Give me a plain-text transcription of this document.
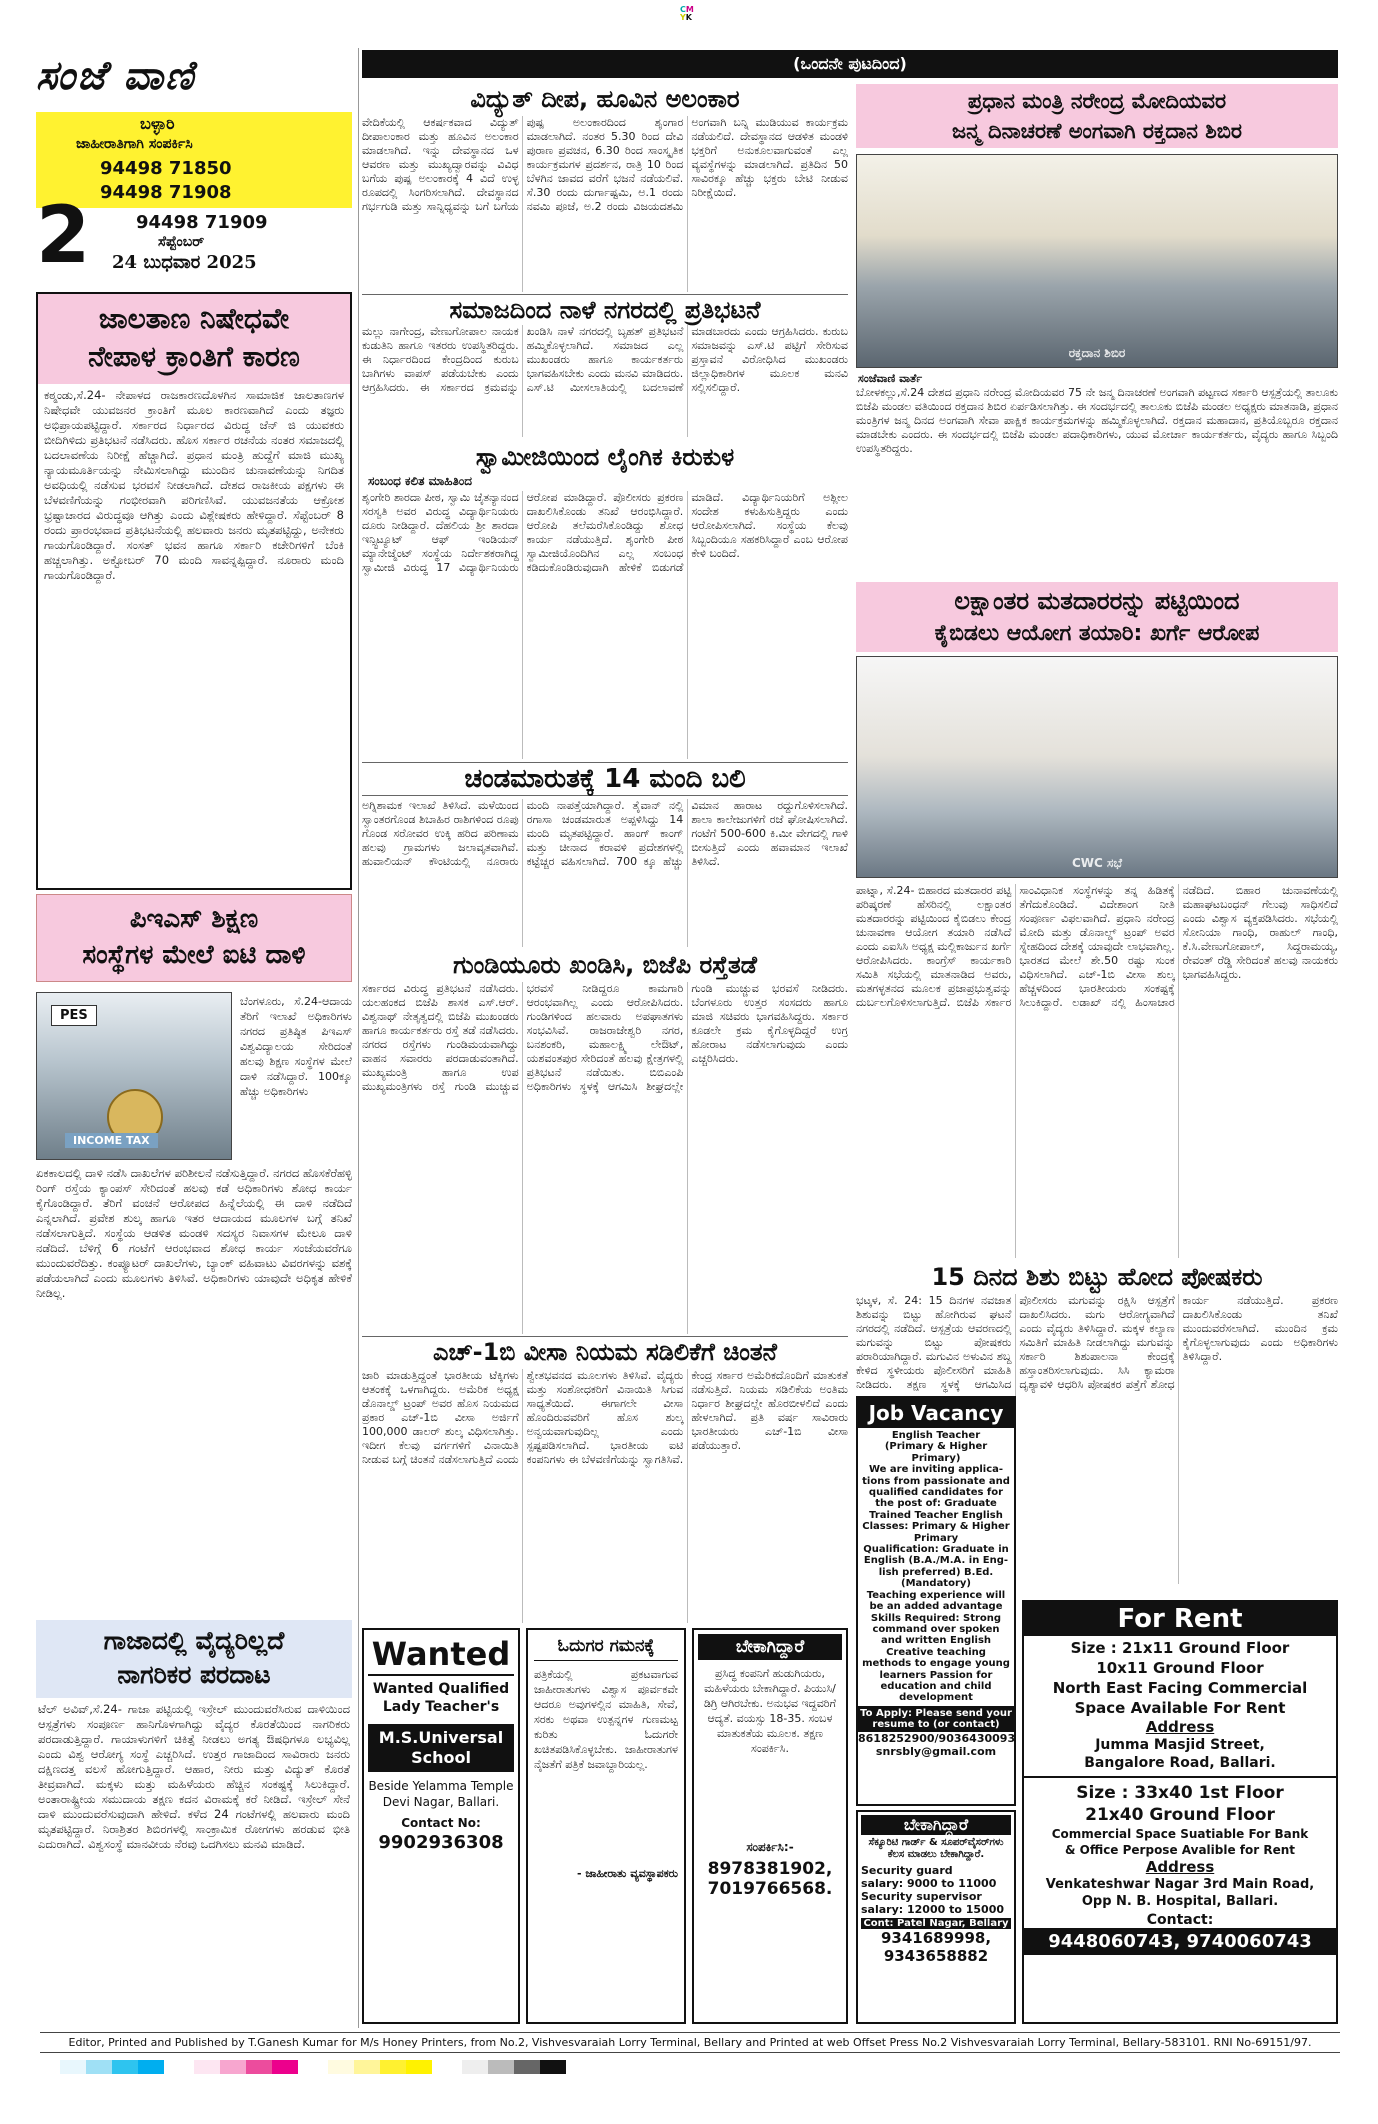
CM
YK
ಸಂಜೆ ವಾಣಿ
ಬಳ್ಳಾರಿ
ಜಾಹೀರಾತಿಗಾಗಿ ಸಂಪರ್ಕಿಸಿ
94498 71850
94498 71908
2	94498 71909
ಸೆಪ್ಟೆಂಬರ್
24 ಬುಧವಾರ 2025
ಜಾಲತಾಣ ನಿಷೇಧವೇ
ನೇಪಾಳ ಕ್ರಾಂತಿಗೆ ಕಾರಣ
ಕಠ್ಮಂಡು,ಸೆ.24- ನೇಪಾಳದ ರಾಜಕಾರಣದೊಳಗಿನ ಸಾಮಾಜಿಕ ಜಾಲತಾಣಗಳ ನಿಷೇಧವೇ ಯುವಜನರ ಕ್ರಾಂತಿಗೆ ಮೂಲ ಕಾರಣವಾಗಿದೆ ಎಂದು ತಜ್ಞರು ಅಭಿಪ್ರಾಯಪಟ್ಟಿದ್ದಾರೆ. ಸರ್ಕಾರದ ನಿರ್ಧಾರದ ವಿರುದ್ಧ ಜೆನ್ ಜಿ ಯುವಕರು ಬೀದಿಗಿಳಿದು ಪ್ರತಿಭಟನೆ ನಡೆಸಿದರು. ಹೊಸ ಸರ್ಕಾರ ರಚನೆಯ ನಂತರ ಸಮಾಜದಲ್ಲಿ ಬದಲಾವಣೆಯ ನಿರೀಕ್ಷೆ ಹೆಚ್ಚಾಗಿದೆ. ಪ್ರಧಾನ ಮಂತ್ರಿ ಹುದ್ದೆಗೆ ಮಾಜಿ ಮುಖ್ಯ ನ್ಯಾಯಮೂರ್ತಿಯನ್ನು ನೇಮಿಸಲಾಗಿದ್ದು ಮುಂದಿನ ಚುನಾವಣೆಯನ್ನು ನಿಗದಿತ ಅವಧಿಯಲ್ಲಿ ನಡೆಸುವ ಭರವಸೆ ನೀಡಲಾಗಿದೆ. ದೇಶದ ರಾಜಕೀಯ ಪಕ್ಷಗಳು ಈ ಬೆಳವಣಿಗೆಯನ್ನು ಗಂಭೀರವಾಗಿ ಪರಿಗಣಿಸಿವೆ. ಯುವಜನತೆಯ ಆಕ್ರೋಶ ಭ್ರಷ್ಟಾಚಾರದ ವಿರುದ್ಧವೂ ಆಗಿತ್ತು ಎಂದು ವಿಶ್ಲೇಷಕರು ಹೇಳಿದ್ದಾರೆ. ಸೆಪ್ಟೆಂಬರ್ 8 ರಂದು ಪ್ರಾರಂಭವಾದ ಪ್ರತಿಭಟನೆಯಲ್ಲಿ ಹಲವಾರು ಜನರು ಮೃತಪಟ್ಟಿದ್ದು, ಅನೇಕರು ಗಾಯಗೊಂಡಿದ್ದಾರೆ. ಸಂಸತ್ ಭವನ ಹಾಗೂ ಸರ್ಕಾರಿ ಕಚೇರಿಗಳಿಗೆ ಬೆಂಕಿ ಹಚ್ಚಲಾಗಿತ್ತು. ಅಕ್ಟೋಬರ್ 70 ಮಂದಿ ಸಾವನ್ನಪ್ಪಿದ್ದಾರೆ. ನೂರಾರು ಮಂದಿ ಗಾಯಗೊಂಡಿದ್ದಾರೆ.
ಪಿಇಎಸ್ ಶಿಕ್ಷಣ
ಸಂಸ್ಥೆಗಳ ಮೇಲೆ ಐಟಿ ದಾಳಿ
PES
INCOME TAX
ಬೆಂಗಳೂರು, ಸೆ.24-ಆದಾಯ ತೆರಿಗೆ ಇಲಾಖೆ ಅಧಿಕಾರಿಗಳು ನಗರದ ಪ್ರತಿಷ್ಠಿತ ಪಿಇಎಸ್ ವಿಶ್ವವಿದ್ಯಾಲಯ ಸೇರಿದಂತೆ ಹಲವು ಶಿಕ್ಷಣ ಸಂಸ್ಥೆಗಳ ಮೇಲೆ ದಾಳಿ ನಡೆಸಿದ್ದಾರೆ. 100ಕ್ಕೂ ಹೆಚ್ಚು ಅಧಿಕಾರಿಗಳು
ಏಕಕಾಲದಲ್ಲಿ ದಾಳಿ ನಡೆಸಿ ದಾಖಲೆಗಳ ಪರಿಶೀಲನೆ ನಡೆಸುತ್ತಿದ್ದಾರೆ. ನಗರದ ಹೊಸಕೆರೆಹಳ್ಳಿ ರಿಂಗ್ ರಸ್ತೆಯ ಕ್ಯಾಂಪಸ್ ಸೇರಿದಂತೆ ಹಲವು ಕಡೆ ಅಧಿಕಾರಿಗಳು ಶೋಧ ಕಾರ್ಯ ಕೈಗೊಂಡಿದ್ದಾರೆ. ತೆರಿಗೆ ವಂಚನೆ ಆರೋಪದ ಹಿನ್ನೆಲೆಯಲ್ಲಿ ಈ ದಾಳಿ ನಡೆದಿದೆ ಎನ್ನಲಾಗಿದೆ. ಪ್ರವೇಶ ಶುಲ್ಕ ಹಾಗೂ ಇತರ ಆದಾಯದ ಮೂಲಗಳ ಬಗ್ಗೆ ತನಿಖೆ ನಡೆಸಲಾಗುತ್ತಿದೆ. ಸಂಸ್ಥೆಯ ಆಡಳಿತ ಮಂಡಳಿ ಸದಸ್ಯರ ನಿವಾಸಗಳ ಮೇಲೂ ದಾಳಿ ನಡೆದಿದೆ. ಬೆಳಿಗ್ಗೆ 6 ಗಂಟೆಗೆ ಆರಂಭವಾದ ಶೋಧ ಕಾರ್ಯ ಸಂಜೆಯವರೆಗೂ ಮುಂದುವರೆದಿತ್ತು. ಕಂಪ್ಯೂಟರ್ ದಾಖಲೆಗಳು, ಬ್ಯಾಂಕ್ ವಹಿವಾಟು ವಿವರಗಳನ್ನು ವಶಕ್ಕೆ ಪಡೆಯಲಾಗಿದೆ ಎಂದು ಮೂಲಗಳು ತಿಳಿಸಿವೆ. ಅಧಿಕಾರಿಗಳು ಯಾವುದೇ ಅಧಿಕೃತ ಹೇಳಿಕೆ ನೀಡಿಲ್ಲ.
ಗಾಜಾದಲ್ಲಿ ವೈದ್ಯರಿಲ್ಲದೆ
ನಾಗರಿಕರ ಪರದಾಟ
ಟೆಲ್ ಅವಿವ್,ಸೆ.24- ಗಾಜಾ ಪಟ್ಟಿಯಲ್ಲಿ ಇಸ್ರೇಲ್ ಮುಂದುವರೆಸಿರುವ ದಾಳಿಯಿಂದ ಆಸ್ಪತ್ರೆಗಳು ಸಂಪೂರ್ಣ ಹಾನಿಗೊಳಗಾಗಿದ್ದು ವೈದ್ಯರ ಕೊರತೆಯಿಂದ ನಾಗರಿಕರು ಪರದಾಡುತ್ತಿದ್ದಾರೆ. ಗಾಯಾಳುಗಳಿಗೆ ಚಿಕಿತ್ಸೆ ನೀಡಲು ಅಗತ್ಯ ಔಷಧಿಗಳೂ ಲಭ್ಯವಿಲ್ಲ ಎಂದು ವಿಶ್ವ ಆರೋಗ್ಯ ಸಂಸ್ಥೆ ಎಚ್ಚರಿಸಿದೆ. ಉತ್ತರ ಗಾಜಾದಿಂದ ಸಾವಿರಾರು ಜನರು ದಕ್ಷಿಣದತ್ತ ವಲಸೆ ಹೋಗುತ್ತಿದ್ದಾರೆ. ಆಹಾರ, ನೀರು ಮತ್ತು ವಿದ್ಯುತ್ ಕೊರತೆ ತೀವ್ರವಾಗಿದೆ. ಮಕ್ಕಳು ಮತ್ತು ಮಹಿಳೆಯರು ಹೆಚ್ಚಿನ ಸಂಕಷ್ಟಕ್ಕೆ ಸಿಲುಕಿದ್ದಾರೆ. ಅಂತಾರಾಷ್ಟ್ರೀಯ ಸಮುದಾಯ ತಕ್ಷಣ ಕದನ ವಿರಾಮಕ್ಕೆ ಕರೆ ನೀಡಿದೆ. ಇಸ್ರೇಲ್ ಸೇನೆ ದಾಳಿ ಮುಂದುವರೆಸುವುದಾಗಿ ಹೇಳಿದೆ. ಕಳೆದ 24 ಗಂಟೆಗಳಲ್ಲಿ ಹಲವಾರು ಮಂದಿ ಮೃತಪಟ್ಟಿದ್ದಾರೆ. ನಿರಾಶ್ರಿತರ ಶಿಬಿರಗಳಲ್ಲಿ ಸಾಂಕ್ರಾಮಿಕ ರೋಗಗಳು ಹರಡುವ ಭೀತಿ ಎದುರಾಗಿದೆ. ವಿಶ್ವಸಂಸ್ಥೆ ಮಾನವೀಯ ನೆರವು ಒದಗಿಸಲು ಮನವಿ ಮಾಡಿದೆ.
(ಒಂದನೇ ಪುಟದಿಂದ)
ವಿದ್ಯುತ್ ದೀಪ, ಹೂವಿನ ಅಲಂಕಾರ
ವೇದಿಕೆಯಲ್ಲಿ ಆಕರ್ಷಕವಾದ ವಿದ್ಯುತ್ ದೀಪಾಲಂಕಾರ ಮತ್ತು ಹೂವಿನ ಅಲಂಕಾರ ಮಾಡಲಾಗಿದೆ. ಇನ್ನು ದೇವಸ್ಥಾನದ ಒಳ ಆವರಣ ಮತ್ತು ಮುಖ್ಯದ್ವಾರವನ್ನು ವಿವಿಧ ಬಗೆಯ ಪುಷ್ಪ ಅಲಂಕಾರಕ್ಕೆ 4 ವಿದೆ ಉಳ್ಳ ರೂಪದಲ್ಲಿ ಸಿಂಗರಿಸಲಾಗಿದೆ. ದೇವಸ್ಥಾನದ ಗರ್ಭಗುಡಿ ಮತ್ತು ಸಾನ್ನಿಧ್ಯವನ್ನು ಬಗೆ ಬಗೆಯ ಪುಷ್ಪ ಅಲಂಕಾರದಿಂದ ಶೃಂಗಾರ ಮಾಡಲಾಗಿದೆ. ನಂತರ 5.30 ರಿಂದ ದೇವಿ ಪುರಾಣ ಪ್ರವಚನ, 6.30 ರಿಂದ ಸಾಂಸ್ಕೃತಿಕ ಕಾರ್ಯಕ್ರಮಗಳ ಪ್ರದರ್ಶನ, ರಾತ್ರಿ 10 ರಿಂದ ಬೆಳಗಿನ ಜಾವದ ವರೆಗೆ ಭಜನೆ ನಡೆಯಲಿವೆ. ಸೆ.30 ರಂದು ದುರ್ಗಾಷ್ಟಮಿ, ಅ.1 ರಂದು ನವಮಿ ಪೂಜೆ, ಅ.2 ರಂದು ವಿಜಯದಶಮಿ ಅಂಗವಾಗಿ ಬನ್ನಿ ಮುಡಿಯುವ ಕಾರ್ಯಕ್ರಮ ನಡೆಯಲಿದೆ. ದೇವಸ್ಥಾನದ ಆಡಳಿತ ಮಂಡಳಿ ಭಕ್ತರಿಗೆ ಅನುಕೂಲವಾಗುವಂತೆ ಎಲ್ಲ ವ್ಯವಸ್ಥೆಗಳನ್ನು ಮಾಡಲಾಗಿದೆ. ಪ್ರತಿದಿನ 50 ಸಾವಿರಕ್ಕೂ ಹೆಚ್ಚು ಭಕ್ತರು ಬೇಟಿ ನೀಡುವ ನಿರೀಕ್ಷೆಯಿದೆ.
ಸಮಾಜದಿಂದ ನಾಳೆ ನಗರದಲ್ಲಿ ಪ್ರತಿಭಟನೆ
ಮಲ್ಲು ನಾಗೇಂದ್ರ, ವೇಣುಗೋಪಾಲ ನಾಯಕ ಕುಡುತಿನಿ ಹಾಗೂ ಇತರರು ಉಪಸ್ಥಿತರಿದ್ದರು. ಈ ನಿರ್ಧಾರದಿಂದ ಕೇಂದ್ರದಿಂದ ಕುರುಬ ಬಾಗಿಗಳು ವಾಪಸ್ ಪಡೆಯಬೇಕು ಎಂದು ಆಗ್ರಹಿಸಿದರು. ಈ ಸರ್ಕಾರದ ಕ್ರಮವನ್ನು ಖಂಡಿಸಿ ನಾಳೆ ನಗರದಲ್ಲಿ ಬೃಹತ್ ಪ್ರತಿಭಟನೆ ಹಮ್ಮಿಕೊಳ್ಳಲಾಗಿದೆ. ಸಮಾಜದ ಎಲ್ಲ ಮುಖಂಡರು ಹಾಗೂ ಕಾರ್ಯಕರ್ತರು ಭಾಗವಹಿಸಬೇಕು ಎಂದು ಮನವಿ ಮಾಡಿದರು. ಎಸ್.ಟಿ ಮೀಸಲಾತಿಯಲ್ಲಿ ಬದಲಾವಣೆ ಮಾಡಬಾರದು ಎಂದು ಆಗ್ರಹಿಸಿದರು. ಕುರುಬ ಸಮಾಜವನ್ನು ಎಸ್.ಟಿ ಪಟ್ಟಿಗೆ ಸೇರಿಸುವ ಪ್ರಸ್ತಾವನೆ ವಿರೋಧಿಸಿದ ಮುಖಂಡರು ಜಿಲ್ಲಾಧಿಕಾರಿಗಳ ಮೂಲಕ ಮನವಿ ಸಲ್ಲಿಸಲಿದ್ದಾರೆ.
ಸ್ವಾಮೀಜಿಯಿಂದ ಲೈಂಗಿಕ ಕಿರುಕುಳ
ಸಂಬಂಧ ಕಲಿತ ಮಾಹಿತಿಂದ
ಶೃಂಗೇರಿ ಶಾರದಾ ಪೀಠ, ಸ್ವಾಮಿ ಚೈತನ್ಯಾನಂದ ಸರಸ್ವತಿ ಅವರ ವಿರುದ್ಧ ವಿದ್ಯಾರ್ಥಿನಿಯರು ದೂರು ನೀಡಿದ್ದಾರೆ. ದೆಹಲಿಯ ಶ್ರೀ ಶಾರದಾ ಇನ್ಸ್ಟಿಟ್ಯೂಟ್ ಆಫ್ ಇಂಡಿಯನ್ ಮ್ಯಾನೇಜ್ಮೆಂಟ್ ಸಂಸ್ಥೆಯ ನಿರ್ದೇಶಕರಾಗಿದ್ದ ಸ್ವಾಮೀಜಿ ವಿರುದ್ಧ 17 ವಿದ್ಯಾರ್ಥಿನಿಯರು ಆರೋಪ ಮಾಡಿದ್ದಾರೆ. ಪೊಲೀಸರು ಪ್ರಕರಣ ದಾಖಲಿಸಿಕೊಂಡು ತನಿಖೆ ಆರಂಭಿಸಿದ್ದಾರೆ. ಆರೋಪಿ ತಲೆಮರೆಸಿಕೊಂಡಿದ್ದು ಶೋಧ ಕಾರ್ಯ ನಡೆಯುತ್ತಿದೆ. ಶೃಂಗೇರಿ ಪೀಠ ಸ್ವಾಮೀಜಿಯೊಂದಿಗಿನ ಎಲ್ಲ ಸಂಬಂಧ ಕಡಿದುಕೊಂಡಿರುವುದಾಗಿ ಹೇಳಿಕೆ ಬಿಡುಗಡೆ ಮಾಡಿದೆ. ವಿದ್ಯಾರ್ಥಿನಿಯರಿಗೆ ಅಶ್ಲೀಲ ಸಂದೇಶ ಕಳುಹಿಸುತ್ತಿದ್ದರು ಎಂದು ಆರೋಪಿಸಲಾಗಿದೆ. ಸಂಸ್ಥೆಯ ಕೆಲವು ಸಿಬ್ಬಂದಿಯೂ ಸಹಕರಿಸಿದ್ದಾರೆ ಎಂಬ ಆರೋಪ ಕೇಳಿ ಬಂದಿದೆ.
ಚಂಡಮಾರುತಕ್ಕೆ 14 ಮಂದಿ ಬಲಿ
ಅಗ್ನಿಶಾಮಕ ಇಲಾಖೆ ತಿಳಿಸಿದೆ. ಮಳೆಯಿಂದ ಸ್ವಾಂತರಗೊಂಡ ಶಿಬಾಹಿರ ರಾಶಿಗಳಿಂದ ರೂಪು ಗೊಂಡ ಸರೋವರ ಉಕ್ಕಿ ಹರಿದ ಪರಿಣಾಮ ಹಲವು ಗ್ರಾಮಗಳು ಜಲಾವೃತವಾಗಿವೆ. ಹುವಾಲಿಯನ್ ಕೌಂಟಿಯಲ್ಲಿ ನೂರಾರು ಮಂದಿ ನಾಪತ್ತೆಯಾಗಿದ್ದಾರೆ. ತೈವಾನ್ ನಲ್ಲಿ ರಗಾಸಾ ಚಂಡಮಾರುತ ಅಪ್ಪಳಿಸಿದ್ದು 14 ಮಂದಿ ಮೃತಪಟ್ಟಿದ್ದಾರೆ. ಹಾಂಗ್ ಕಾಂಗ್ ಮತ್ತು ಚೀನಾದ ಕರಾವಳಿ ಪ್ರದೇಶಗಳಲ್ಲಿ ಕಟ್ಟೆಚ್ಚರ ವಹಿಸಲಾಗಿದೆ. 700 ಕ್ಕೂ ಹೆಚ್ಚು ವಿಮಾನ ಹಾರಾಟ ರದ್ದುಗೊಳಿಸಲಾಗಿದೆ. ಶಾಲಾ ಕಾಲೇಜುಗಳಿಗೆ ರಜೆ ಘೋಷಿಸಲಾಗಿದೆ. ಗಂಟೆಗೆ 500-600 ಕಿ.ಮೀ ವೇಗದಲ್ಲಿ ಗಾಳಿ ಬೀಸುತ್ತಿದೆ ಎಂದು ಹವಾಮಾನ ಇಲಾಖೆ ತಿಳಿಸಿದೆ.
ಗುಂಡಿಯೂರು ಖಂಡಿಸಿ, ಬಿಜೆಪಿ ರಸ್ತೆತಡೆ
ಸರ್ಕಾರದ ವಿರುದ್ಧ ಪ್ರತಿಭಟನೆ ನಡೆಸಿದರು. ಯಲಹಂಕದ ಬಿಜೆಪಿ ಶಾಸಕ ಎಸ್.ಆರ್. ವಿಶ್ವನಾಥ್ ನೇತೃತ್ವದಲ್ಲಿ ಬಿಜೆಪಿ ಮುಖಂಡರು ಹಾಗೂ ಕಾರ್ಯಕರ್ತರು ರಸ್ತೆ ತಡೆ ನಡೆಸಿದರು. ನಗರದ ರಸ್ತೆಗಳು ಗುಂಡಿಮಯವಾಗಿದ್ದು ವಾಹನ ಸವಾರರು ಪರದಾಡುವಂತಾಗಿದೆ. ಮುಖ್ಯಮಂತ್ರಿ ಹಾಗೂ ಉಪ ಮುಖ್ಯಮಂತ್ರಿಗಳು ರಸ್ತೆ ಗುಂಡಿ ಮುಚ್ಚುವ ಭರವಸೆ ನೀಡಿದ್ದರೂ ಕಾಮಗಾರಿ ಆರಂಭವಾಗಿಲ್ಲ ಎಂದು ಆರೋಪಿಸಿದರು. ಗುಂಡಿಗಳಿಂದ ಹಲವಾರು ಅಪಘಾತಗಳು ಸಂಭವಿಸಿವೆ. ರಾಜರಾಜೇಶ್ವರಿ ನಗರ, ಬನಶಂಕರಿ, ಮಹಾಲಕ್ಷ್ಮಿ ಲೇಔಟ್, ಯಶವಂತಪುರ ಸೇರಿದಂತೆ ಹಲವು ಕ್ಷೇತ್ರಗಳಲ್ಲಿ ಪ್ರತಿಭಟನೆ ನಡೆಯಿತು. ಬಿಬಿಎಂಪಿ ಅಧಿಕಾರಿಗಳು ಸ್ಥಳಕ್ಕೆ ಆಗಮಿಸಿ ಶೀಘ್ರದಲ್ಲೇ ಗುಂಡಿ ಮುಚ್ಚುವ ಭರವಸೆ ನೀಡಿದರು. ಬೆಂಗಳೂರು ಉತ್ತರ ಸಂಸದರು ಹಾಗೂ ಮಾಜಿ ಸಚಿವರು ಭಾಗವಹಿಸಿದ್ದರು. ಸರ್ಕಾರ ಕೂಡಲೇ ಕ್ರಮ ಕೈಗೊಳ್ಳದಿದ್ದರೆ ಉಗ್ರ ಹೋರಾಟ ನಡೆಸಲಾಗುವುದು ಎಂದು ಎಚ್ಚರಿಸಿದರು.
ಎಚ್-1ಬಿ ವೀಸಾ ನಿಯಮ ಸಡಿಲಿಕೆಗೆ ಚಿಂತನೆ
ಜಾರಿ ಮಾಡುತ್ತಿದ್ದಂತೆ ಭಾರತೀಯ ಟೆಕ್ಕಿಗಳು ಆತಂಕಕ್ಕೆ ಒಳಗಾಗಿದ್ದರು. ಅಮೆರಿಕ ಅಧ್ಯಕ್ಷ ಡೊನಾಲ್ಡ್ ಟ್ರಂಪ್ ಅವರ ಹೊಸ ನಿಯಮದ ಪ್ರಕಾರ ಎಚ್-1ಬಿ ವೀಸಾ ಅರ್ಜಿಗೆ 100,000 ಡಾಲರ್ ಶುಲ್ಕ ವಿಧಿಸಲಾಗಿತ್ತು. ಇದೀಗ ಕೆಲವು ವರ್ಗಗಳಿಗೆ ವಿನಾಯಿತಿ ನೀಡುವ ಬಗ್ಗೆ ಚಿಂತನೆ ನಡೆಸಲಾಗುತ್ತಿದೆ ಎಂದು ಶ್ವೇತಭವನದ ಮೂಲಗಳು ತಿಳಿಸಿವೆ. ವೈದ್ಯರು ಮತ್ತು ಸಂಶೋಧಕರಿಗೆ ವಿನಾಯಿತಿ ಸಿಗುವ ಸಾಧ್ಯತೆಯಿದೆ. ಈಗಾಗಲೇ ವೀಸಾ ಹೊಂದಿರುವವರಿಗೆ ಹೊಸ ಶುಲ್ಕ ಅನ್ವಯವಾಗುವುದಿಲ್ಲ ಎಂದು ಸ್ಪಷ್ಟಪಡಿಸಲಾಗಿದೆ. ಭಾರತೀಯ ಐಟಿ ಕಂಪನಿಗಳು ಈ ಬೆಳವಣಿಗೆಯನ್ನು ಸ್ವಾಗತಿಸಿವೆ. ಕೇಂದ್ರ ಸರ್ಕಾರ ಅಮೆರಿಕದೊಂದಿಗೆ ಮಾತುಕತೆ ನಡೆಸುತ್ತಿದೆ. ನಿಯಮ ಸಡಿಲಿಕೆಯ ಅಂತಿಮ ನಿರ್ಧಾರ ಶೀಘ್ರದಲ್ಲೇ ಹೊರಬೀಳಲಿದೆ ಎಂದು ಹೇಳಲಾಗಿದೆ. ಪ್ರತಿ ವರ್ಷ ಸಾವಿರಾರು ಭಾರತೀಯರು ಎಚ್-1ಬಿ ವೀಸಾ ಪಡೆಯುತ್ತಾರೆ.
Wanted
Wanted Qualified Lady Teacher's
M.S.Universal School
Beside Yelamma Temple Devi Nagar, Ballari.
Contact No:
9902936308
ಓದುಗರ ಗಮನಕ್ಕೆ
ಪತ್ರಿಕೆಯಲ್ಲಿ ಪ್ರಕಟವಾಗುವ ಜಾಹೀರಾತುಗಳು ವಿಶ್ವಾಸ ಪೂರ್ವಕವೇ ಆದರೂ ಅವುಗಳಲ್ಲಿನ ಮಾಹಿತಿ, ಸೇವೆ, ಸರಕು ಅಥವಾ ಉತ್ಪನ್ನಗಳ ಗುಣಮಟ್ಟ ಕುರಿತು ಓದುಗರೇ ಖಚಿತಪಡಿಸಿಕೊಳ್ಳಬೇಕು. ಜಾಹೀರಾತುಗಳ ನೈಜತೆಗೆ ಪತ್ರಿಕೆ ಜವಾಬ್ದಾರಿಯಲ್ಲ.
- ಜಾಹೀರಾತು ವ್ಯವಸ್ಥಾಪಕರು
ಬೇಕಾಗಿದ್ದಾರೆ
ಪ್ರಸಿದ್ಧ ಕಂಪನಿಗೆ ಹುಡುಗಿಯರು, ಮಹಿಳೆಯರು ಬೇಕಾಗಿದ್ದಾರೆ. ಪಿಯುಸಿ/ಡಿಗ್ರಿ ಆಗಿರಬೇಕು. ಅನುಭವ ಇದ್ದವರಿಗೆ ಆದ್ಯತೆ. ವಯಸ್ಸು 18-35. ಸಂಬಳ ಮಾತುಕತೆಯ ಮೂಲಕ. ತಕ್ಷಣ ಸಂಪರ್ಕಿಸಿ.
ಸಂಪರ್ಕಿಸಿ:-
8978381902,
7019766568.
ಪ್ರಧಾನ ಮಂತ್ರಿ ನರೇಂದ್ರ ಮೋದಿಯವರ
ಜನ್ಮ ದಿನಾಚರಣೆ ಅಂಗವಾಗಿ ರಕ್ತದಾನ ಶಿಬಿರ
ರಕ್ತದಾನ ಶಿಬಿರ
ಸಂಜೆವಾಣಿ ವಾರ್ತೆ
ಬೋಳಕಲ್ಲು,ಸೆ.24 ದೇಶದ ಪ್ರಧಾನಿ ನರೇಂದ್ರ ಮೋದಿಯವರ 75 ನೇ ಜನ್ಮ ದಿನಾಚರಣೆ ಅಂಗವಾಗಿ ಪಟ್ಟಣದ ಸರ್ಕಾರಿ ಆಸ್ಪತ್ರೆಯಲ್ಲಿ ತಾಲೂಕು ಬಿಜೆಪಿ ಮಂಡಲ ವತಿಯಿಂದ ರಕ್ತದಾನ ಶಿಬಿರ ಏರ್ಪಡಿಸಲಾಗಿತ್ತು. ಈ ಸಂದರ್ಭದಲ್ಲಿ ತಾಲೂಕು ಬಿಜೆಪಿ ಮಂಡಲ ಅಧ್ಯಕ್ಷರು ಮಾತನಾಡಿ, ಪ್ರಧಾನ ಮಂತ್ರಿಗಳ ಜನ್ಮ ದಿನದ ಅಂಗವಾಗಿ ಸೇವಾ ಪಾಕ್ಷಿಕ ಕಾರ್ಯಕ್ರಮಗಳನ್ನು ಹಮ್ಮಿಕೊಳ್ಳಲಾಗಿದೆ. ರಕ್ತದಾನ ಮಹಾದಾನ, ಪ್ರತಿಯೊಬ್ಬರೂ ರಕ್ತದಾನ ಮಾಡಬೇಕು ಎಂದರು. ಈ ಸಂದರ್ಭದಲ್ಲಿ ಬಿಜೆಪಿ ಮಂಡಲ ಪದಾಧಿಕಾರಿಗಳು, ಯುವ ಮೋರ್ಚಾ ಕಾರ್ಯಕರ್ತರು, ವೈದ್ಯರು ಹಾಗೂ ಸಿಬ್ಬಂದಿ ಉಪಸ್ಥಿತರಿದ್ದರು.
ಲಕ್ಷಾಂತರ ಮತದಾರರನ್ನು ಪಟ್ಟಿಯಿಂದ
ಕೈಬಿಡಲು ಆಯೋಗ ತಯಾರಿ: ಖರ್ಗೆ ಆರೋಪ
CWC ಸಭೆ
ಪಾಟ್ನಾ, ಸೆ.24- ಬಿಹಾರದ ಮತದಾರರ ಪಟ್ಟಿ ಪರಿಷ್ಕರಣೆ ಹೆಸರಿನಲ್ಲಿ ಲಕ್ಷಾಂತರ ಮತದಾರರನ್ನು ಪಟ್ಟಿಯಿಂದ ಕೈಬಿಡಲು ಕೇಂದ್ರ ಚುನಾವಣಾ ಆಯೋಗ ತಯಾರಿ ನಡೆಸಿದೆ ಎಂದು ಎಐಸಿಸಿ ಅಧ್ಯಕ್ಷ ಮಲ್ಲಿಕಾರ್ಜುನ ಖರ್ಗೆ ಆರೋಪಿಸಿದರು. ಕಾಂಗ್ರೆಸ್ ಕಾರ್ಯಕಾರಿ ಸಮಿತಿ ಸಭೆಯಲ್ಲಿ ಮಾತನಾಡಿದ ಅವರು, ಮತಗಳ್ಳತನದ ಮೂಲಕ ಪ್ರಜಾಪ್ರಭುತ್ವವನ್ನು ದುರ್ಬಲಗೊಳಿಸಲಾಗುತ್ತಿದೆ. ಬಿಜೆಪಿ ಸರ್ಕಾರ ಸಾಂವಿಧಾನಿಕ ಸಂಸ್ಥೆಗಳನ್ನು ತನ್ನ ಹಿಡಿತಕ್ಕೆ ತೆಗೆದುಕೊಂಡಿದೆ. ವಿದೇಶಾಂಗ ನೀತಿ ಸಂಪೂರ್ಣ ವಿಫಲವಾಗಿದೆ. ಪ್ರಧಾನಿ ನರೇಂದ್ರ ಮೋದಿ ಮತ್ತು ಡೊನಾಲ್ಡ್ ಟ್ರಂಪ್ ಅವರ ಸ್ನೇಹದಿಂದ ದೇಶಕ್ಕೆ ಯಾವುದೇ ಲಾಭವಾಗಿಲ್ಲ. ಭಾರತದ ಮೇಲೆ ಶೇ.50 ರಷ್ಟು ಸುಂಕ ವಿಧಿಸಲಾಗಿದೆ. ಎಚ್-1ಬಿ ವೀಸಾ ಶುಲ್ಕ ಹೆಚ್ಚಳದಿಂದ ಭಾರತೀಯರು ಸಂಕಷ್ಟಕ್ಕೆ ಸಿಲುಕಿದ್ದಾರೆ. ಲಡಾಖ್ ನಲ್ಲಿ ಹಿಂಸಾಚಾರ ನಡೆದಿದೆ. ಬಿಹಾರ ಚುನಾವಣೆಯಲ್ಲಿ ಮಹಾಘಟಬಂಧನ್ ಗೆಲುವು ಸಾಧಿಸಲಿದೆ ಎಂದು ವಿಶ್ವಾಸ ವ್ಯಕ್ತಪಡಿಸಿದರು. ಸಭೆಯಲ್ಲಿ ಸೋನಿಯಾ ಗಾಂಧಿ, ರಾಹುಲ್ ಗಾಂಧಿ, ಕೆ.ಸಿ.ವೇಣುಗೋಪಾಲ್, ಸಿದ್ದರಾಮಯ್ಯ, ರೇವಂತ್ ರೆಡ್ಡಿ ಸೇರಿದಂತೆ ಹಲವು ನಾಯಕರು ಭಾಗವಹಿಸಿದ್ದರು.
15 ದಿನದ ಶಿಶು ಬಿಟ್ಟು ಹೋದ ಪೋಷಕರು
ಭಟ್ಕಳ, ಸೆ. 24: 15 ದಿನಗಳ ನವಜಾತ ಶಿಶುವನ್ನು ಬಿಟ್ಟು ಹೋಗಿರುವ ಘಟನೆ ನಗರದಲ್ಲಿ ನಡೆದಿದೆ. ಆಸ್ಪತ್ರೆಯ ಆವರಣದಲ್ಲಿ ಮಗುವನ್ನು ಬಿಟ್ಟು ಪೋಷಕರು ಪರಾರಿಯಾಗಿದ್ದಾರೆ. ಮಗುವಿನ ಅಳುವಿನ ಶಬ್ದ ಕೇಳಿದ ಸ್ಥಳೀಯರು ಪೊಲೀಸರಿಗೆ ಮಾಹಿತಿ ನೀಡಿದರು. ತಕ್ಷಣ ಸ್ಥಳಕ್ಕೆ ಆಗಮಿಸಿದ ಪೊಲೀಸರು ಮಗುವನ್ನು ರಕ್ಷಿಸಿ ಆಸ್ಪತ್ರೆಗೆ ದಾಖಲಿಸಿದರು. ಮಗು ಆರೋಗ್ಯವಾಗಿದೆ ಎಂದು ವೈದ್ಯರು ತಿಳಿಸಿದ್ದಾರೆ. ಮಕ್ಕಳ ಕಲ್ಯಾಣ ಸಮಿತಿಗೆ ಮಾಹಿತಿ ನೀಡಲಾಗಿದ್ದು ಮಗುವನ್ನು ಸರ್ಕಾರಿ ಶಿಶುಪಾಲನಾ ಕೇಂದ್ರಕ್ಕೆ ಹಸ್ತಾಂತರಿಸಲಾಗುವುದು. ಸಿಸಿ ಕ್ಯಾಮರಾ ದೃಶ್ಯಾವಳಿ ಆಧರಿಸಿ ಪೋಷಕರ ಪತ್ತೆಗೆ ಶೋಧ ಕಾರ್ಯ ನಡೆಯುತ್ತಿದೆ. ಪ್ರಕರಣ ದಾಖಲಿಸಿಕೊಂಡು ತನಿಖೆ ಮುಂದುವರೆಸಲಾಗಿದೆ. ಮುಂದಿನ ಕ್ರಮ ಕೈಗೊಳ್ಳಲಾಗುವುದು ಎಂದು ಅಧಿಕಾರಿಗಳು ತಿಳಿಸಿದ್ದಾರೆ.
Job Vacancy
English Teacher
(Primary & Higher
Primary)
We are inviting applica-
tions from passionate and
qualified candidates for
the post of: Graduate
Trained Teacher English
Classes: Primary & Higher
Primary
Qualification: Graduate in
English (B.A./M.A. in Eng-
lish preferred) B.Ed.
(Mandatory)
Teaching experience will
be an added advantage
Skills Required: Strong
command over spoken
and written English
Creative teaching
methods to engage young
learners Passion for
education and child
development
To Apply: Please send your resume to (or contact)
8618252900/9036430093
snrsbly@gmail.com
For Rent
Size : 21x11 Ground Floor
10x11 Ground Floor
North East Facing Commercial
Space Available For Rent
Address
Jumma Masjid Street,
Bangalore Road, Ballari.
Size : 33x40 1st Floor
21x40 Ground Floor
Commercial Space Suatiable For Bank
& Office Perpose Avalible for Rent
Address
Venkateshwar Nagar 3rd Main Road,
Opp N. B. Hospital, Ballari.
Contact:
9448060743, 9740060743
ಬೇಕಾಗಿದ್ದಾರೆ
ಸೆಕ್ಯೂರಿಟಿ ಗಾರ್ಡ್ & ಸೂಪರ್‌ವೈಸರ್‌ಗಳು ಕೆಲಸ ಮಾಡಲು ಬೇಕಾಗಿದ್ದಾರೆ.
Security guard
salary: 9000 to 11000
Security supervisor
salary: 12000 to 15000
Cont: Patel Nagar, Bellary
9341689998,
9343658882
Editor, Printed and Published by T.Ganesh Kumar for M/s Honey Printers, from No.2, Vishvesvaraiah Lorry Terminal, Bellary and Printed at web Offset Press No.2 Vishvesvaraiah Lorry Terminal, Bellary-583101. RNI No-69151/97.
